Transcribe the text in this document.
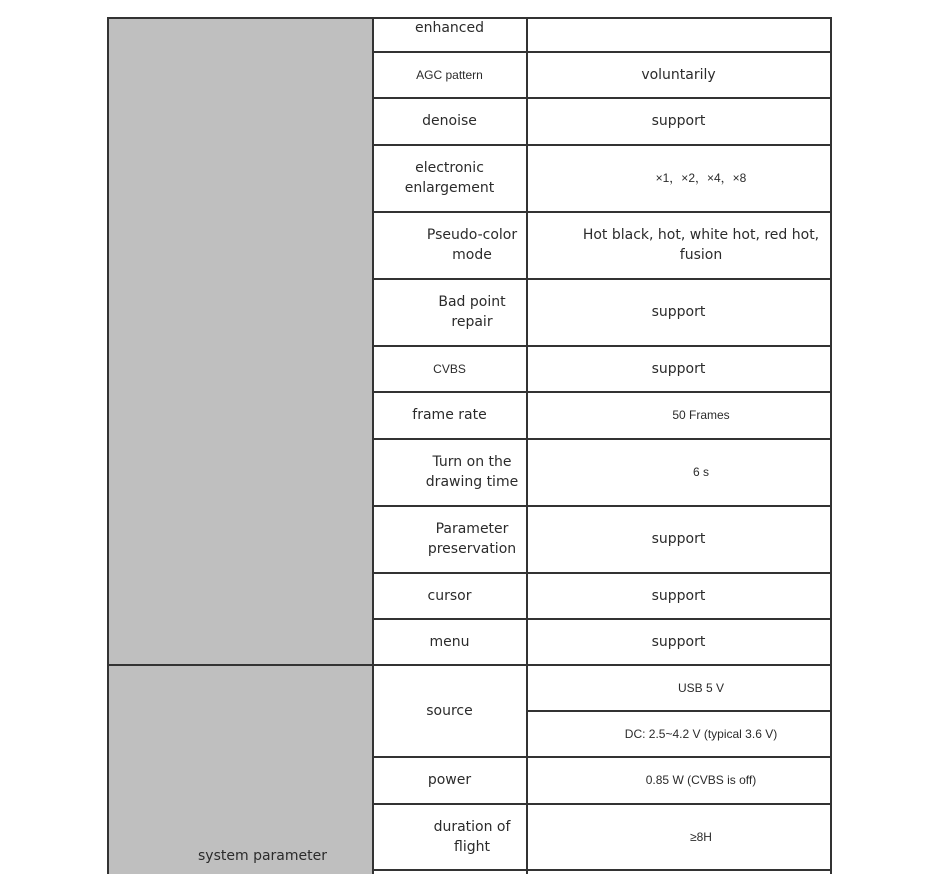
system parameter
enhanced
AGC pattern
denoise
electronic enlargement
Pseudo-color mode
Bad point repair
CVBS
frame rate
Turn on the drawing time
Parameter preservation
cursor
menu
source
power
duration of flight
voluntarily
support
×1，×2，×4，×8
Hot black, hot, white hot, red hot, fusion
support
support
50 Frames
6 s
support
support
support
USB 5 V
DC: 2.5~4.2 V (typical 3.6 V)
0.85 W (CVBS is off)
≥8H
